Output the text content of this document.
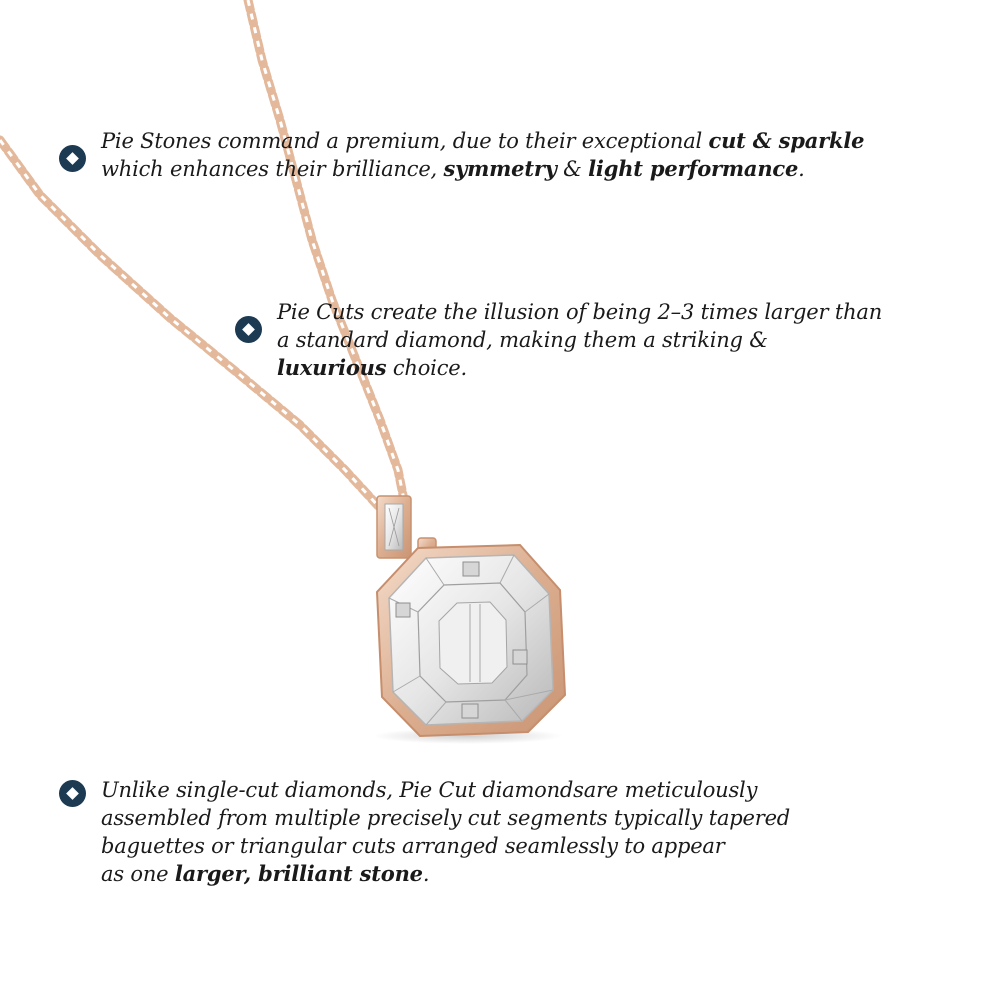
Pie Stones command a premium, due to their exceptional cut & sparkle
which enhances their brilliance, symmetry & light performance.
Pie Cuts create the illusion of being 2–3 times larger than
a standard diamond, making them a striking &
luxurious choice.
Unlike single-cut diamonds, Pie Cut diamondsare meticulously
assembled from multiple precisely cut segments typically tapered
baguettes or triangular cuts arranged seamlessly to appear
as one larger, brilliant stone.
